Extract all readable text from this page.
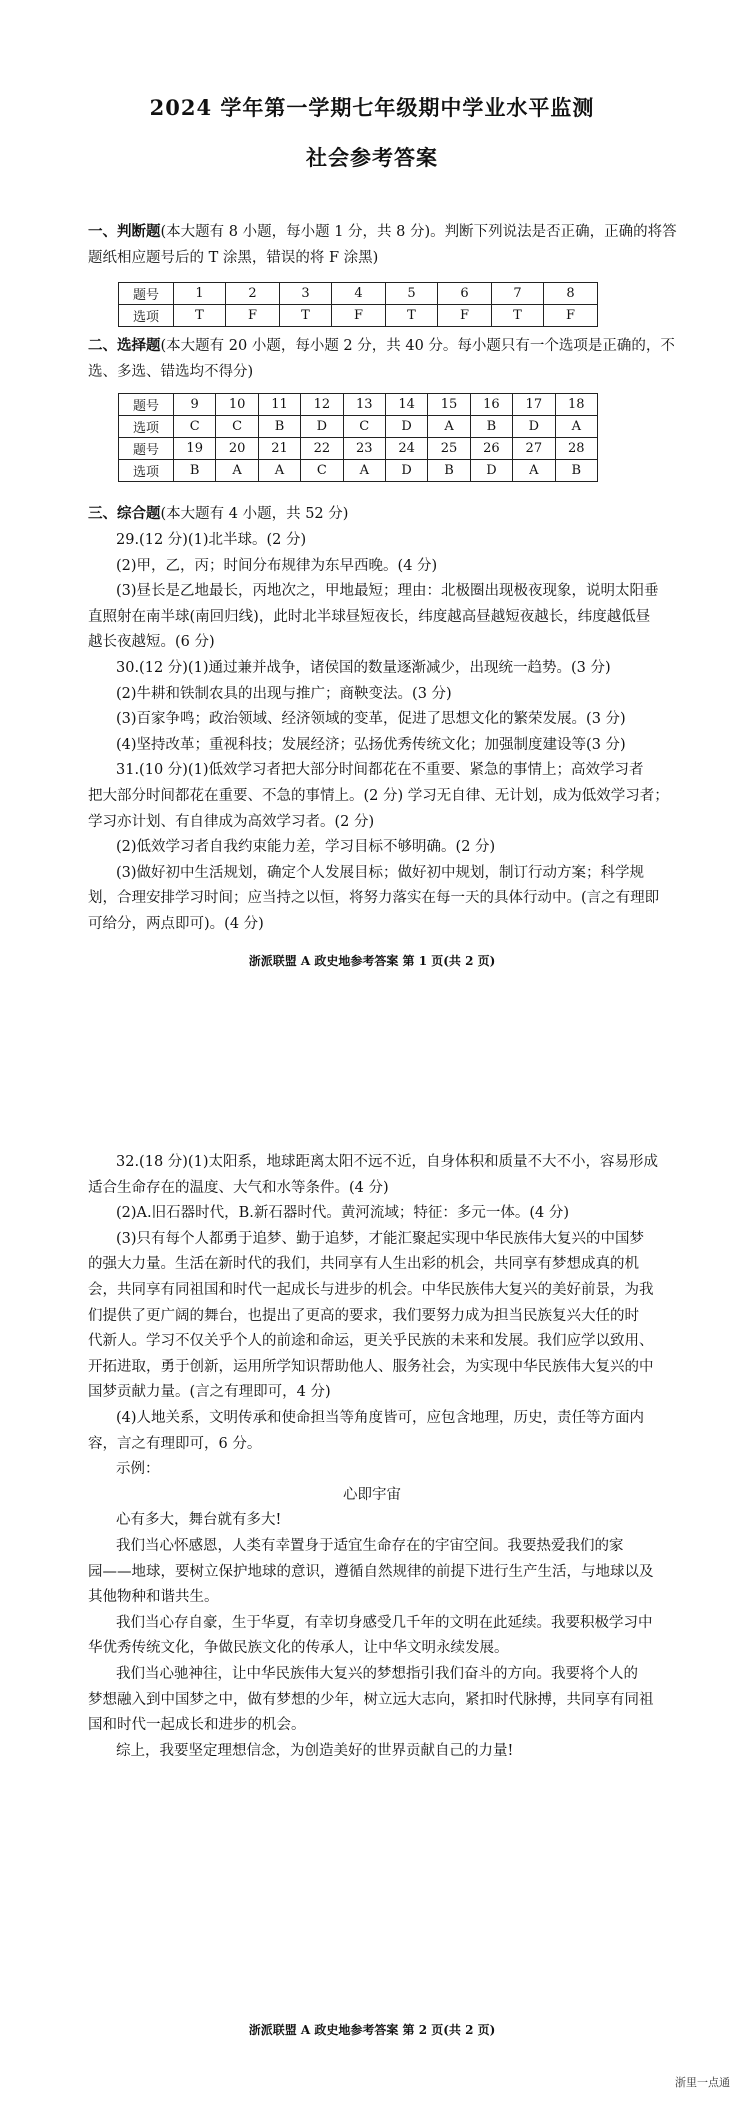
2024 学年第一学期七年级期中学业水平监测
社会参考答案
一、判断题(本大题有 8 小题，每小题 1 分，共 8 分)。判断下列说法是否正确，正确的将答
题纸相应题号后的 T 涂黑，错误的将 F 涂黑)
题号	1	2	3	4	5	6	7	8
选项	T	F	T	F	T	F	T	F
二、选择题(本大题有 20 小题，每小题 2 分，共 40 分。每小题只有一个选项是正确的，不
选、多选、错选均不得分)
题号	9	10	11	12	13	14	15	16	17	18
选项	C	C	B	D	C	D	A	B	D	A
题号	19	20	21	22	23	24	25	26	27	28
选项	B	A	A	C	A	D	B	D	A	B
三、综合题(本大题有 4 小题，共 52 分)
29.(12 分)(1)北半球。(2 分)
(2)甲，乙，丙；时间分布规律为东早西晚。(4 分)
(3)昼长是乙地最长，丙地次之，甲地最短；理由：北极圈出现极夜现象，说明太阳垂
直照射在南半球(南回归线)，此时北半球昼短夜长，纬度越高昼越短夜越长，纬度越低昼
越长夜越短。(6 分)
30.(12 分)(1)通过兼并战争，诸侯国的数量逐渐减少，出现统一趋势。(3 分)
(2)牛耕和铁制农具的出现与推广；商鞅变法。(3 分)
(3)百家争鸣；政治领域、经济领域的变革，促进了思想文化的繁荣发展。(3 分)
(4)坚持改革；重视科技；发展经济；弘扬优秀传统文化；加强制度建设等(3 分)
31.(10 分)(1)低效学习者把大部分时间都花在不重要、紧急的事情上；高效学习者
把大部分时间都花在重要、不急的事情上。(2 分) 学习无自律、无计划，成为低效学习者；
学习亦计划、有自律成为高效学习者。(2 分)
(2)低效学习者自我约束能力差，学习目标不够明确。(2 分)
(3)做好初中生活规划，确定个人发展目标；做好初中规划，制订行动方案；科学规
划，合理安排学习时间；应当持之以恒，将努力落实在每一天的具体行动中。(言之有理即
可给分，两点即可)。(4 分)
浙派联盟 A 政史地参考答案 第 1 页(共 2 页)
32.(18 分)(1)太阳系，地球距离太阳不远不近，自身体积和质量不大不小，容易形成
适合生命存在的温度、大气和水等条件。(4 分)
(2)A.旧石器时代，B.新石器时代。黄河流域；特征：多元一体。(4 分)
(3)只有每个人都勇于追梦、勤于追梦，才能汇聚起实现中华民族伟大复兴的中国梦
的强大力量。生活在新时代的我们，共同享有人生出彩的机会，共同享有梦想成真的机
会，共同享有同祖国和时代一起成长与进步的机会。中华民族伟大复兴的美好前景，为我
们提供了更广阔的舞台，也提出了更高的要求，我们要努力成为担当民族复兴大任的时
代新人。学习不仅关乎个人的前途和命运，更关乎民族的未来和发展。我们应学以致用、
开拓进取，勇于创新，运用所学知识帮助他人、服务社会，为实现中华民族伟大复兴的中
国梦贡献力量。(言之有理即可，4 分)
(4)人地关系，文明传承和使命担当等角度皆可，应包含地理，历史，责任等方面内
容，言之有理即可，6 分。
示例：
心即宇宙
心有多大，舞台就有多大!
我们当心怀感恩，人类有幸置身于适宜生命存在的宇宙空间。我要热爱我们的家
园——地球，要树立保护地球的意识，遵循自然规律的前提下进行生产生活，与地球以及
其他物种和谐共生。
我们当心存自豪，生于华夏，有幸切身感受几千年的文明在此延续。我要积极学习中
华优秀传统文化，争做民族文化的传承人，让中华文明永续发展。
我们当心驰神往，让中华民族伟大复兴的梦想指引我们奋斗的方向。我要将个人的
梦想融入到中国梦之中，做有梦想的少年，树立远大志向，紧扣时代脉搏，共同享有同祖
国和时代一起成长和进步的机会。
综上，我要坚定理想信念，为创造美好的世界贡献自己的力量!
浙派联盟 A 政史地参考答案 第 2 页(共 2 页)
浙里一点通
